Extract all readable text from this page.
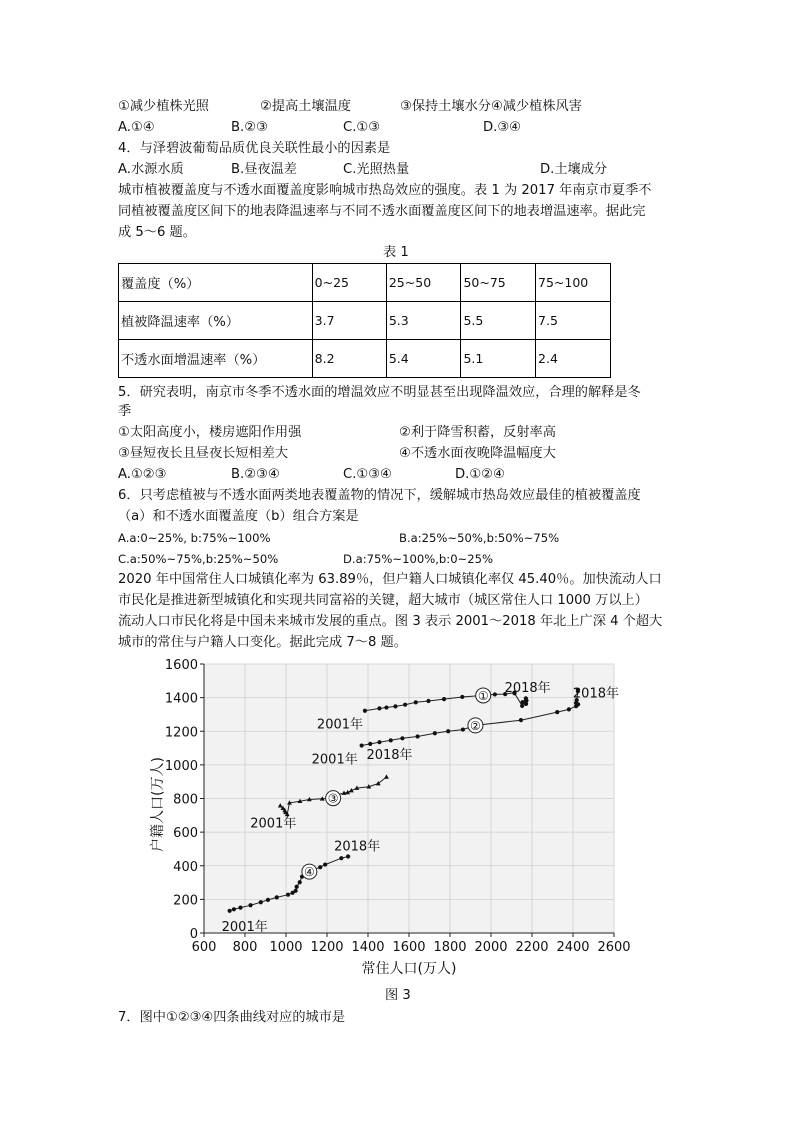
①减少植株光照	②提高土壤温度	③保持土壤水分④减少植株风害
A.①④	B.②③	C.①③	D.③④
4．与泽碧波葡萄品质优良关联性最小的因素是
A.水源水质	B.昼夜温差	C.光照热量	D.土壤成分
城市植被覆盖度与不透水面覆盖度影响城市热岛效应的强度。表 1 为 2017 年南京市夏季不
同植被覆盖度区间下的地表降温速率与不同不透水面覆盖度区间下的地表增温速率。据此完
成 5～6 题。
表 1
覆盖度（%）	0~25	25~50	50~75	75~100
植被降温速率（%）	3.7	5.3	5.5	7.5
不透水面增温速率（%）	8.2	5.4	5.1	2.4
5．研究表明，南京市冬季不透水面的增温效应不明显甚至出现降温效应，合理的解释是冬
季
①太阳高度小，楼房遮阳作用强	②利于降雪积蓄，反射率高
③昼短夜长且昼夜长短相差大	④不透水面夜晚降温幅度大
A.①②③	B.②③④	C.①③④	D.①②④
6．只考虑植被与不透水面两类地表覆盖物的情况下，缓解城市热岛效应最佳的植被覆盖度
（a）和不透水面覆盖度（b）组合方案是
A.a:0~25%, b:75%~100%	B.a:25%~50%,b:50%~75%
C.a:50%~75%,b:25%~50%	D.a:75%~100%,b:0~25%
2020 年中国常住人口城镇化率为 63.89％，但户籍人口城镇化率仅 45.40％。加快流动人口
市民化是推进新型城镇化和实现共同富裕的关键，超大城市（城区常住人口 1000 万以上）
流动人口市民化将是中国未来城市发展的重点。图 3 表示 2001～2018 年北上广深 4 个超大
城市的常住与户籍人口变化。据此完成 7～8 题。
600 800 1000 1200 1400 1600 1800 2000 2200 2400 2600
0
200
400
600
800
1000
1200
1400
1600
常住人口(万人)
户籍人口(万人)
①
2001年
2018年
②
2001年
2018年
③
2001年
2018年
④
2001年
2018年
图 3
7．图中①②③④四条曲线对应的城市是
